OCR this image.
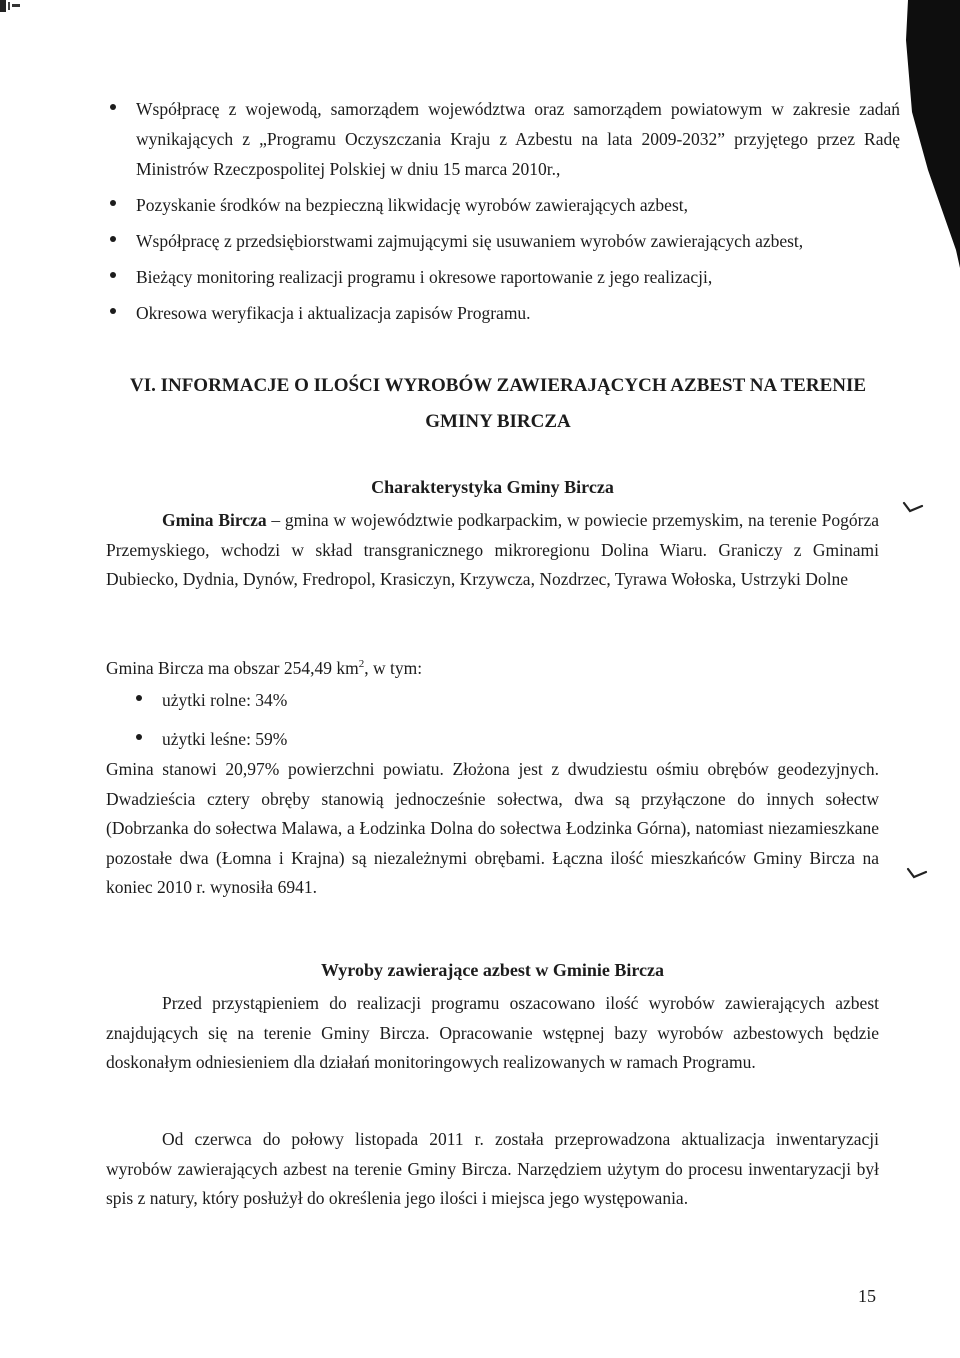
Współpracę z wojewodą, samorządem województwa oraz samorządem powiatowym w zakresie zadań wynikających z „Programu Oczyszczania Kraju z Azbestu na lata 2009-2032” przyjętego przez Radę Ministrów Rzeczpospolitej Polskiej w dniu 15 marca 2010r.,
Pozyskanie środków na bezpieczną likwidację wyrobów zawierających azbest,
Współpracę z przedsiębiorstwami zajmującymi się usuwaniem wyrobów zawierających azbest,
Bieżący monitoring realizacji programu i okresowe raportowanie z jego realizacji,
Okresowa weryfikacja i aktualizacja zapisów Programu.
VI. INFORMACJE O ILOŚCI WYROBÓW ZAWIERAJĄCYCH AZBEST NA TERENIE
GMINY BIRCZA
Charakterystyka Gminy Bircza

Gmina Bircza – gmina w województwie podkarpackim, w powiecie przemyskim, na terenie Pogórza Przemyskiego, wchodzi w skład transgranicznego mikroregionu Dolina Wiaru. Graniczy z Gminami Dubiecko, Dydnia, Dynów, Fredropol, Krasiczyn, Krzywcza, Nozdrzec, Tyrawa Wołoska, Ustrzyki Dolne

Gmina Bircza ma obszar 254,49 $km^2$, w tym:

użytki rolne: 34%
użytki leśne: 59%

Gmina stanowi 20,97% powierzchni powiatu. Złożona jest z dwudziestu ośmiu obrębów geodezyjnych. Dwadzieścia cztery obręby stanowią jednocześnie sołectwa, dwa są przyłączone do innych sołectw (Dobrzanka do sołectwa Malawa, a Łodzinka Dolna do sołectwa Łodzinka Górna), natomiast niezamieszkane pozostałe dwa (Łomna i Krajna) są niezależnymi obrębami. Łączna ilość mieszkańców Gminy Bircza na koniec 2010 r. wynosiła 6941.

Wyroby zawierające azbest w Gminie Bircza

Przed przystąpieniem do realizacji programu oszacowano ilość wyrobów zawierających azbest znajdujących się na terenie Gminy Bircza. Opracowanie wstępnej bazy wyrobów azbestowych będzie doskonałym odniesieniem dla działań monitoringowych realizowanych w ramach Programu.

Od czerwca do połowy listopada 2011 r. została przeprowadzona aktualizacja inwentaryzacji wyrobów zawierających azbest na terenie Gminy Bircza. Narzędziem użytym do procesu inwentaryzacji był spis z natury, który posłużył do określenia jego ilości i miejsca jego występowania.

15
